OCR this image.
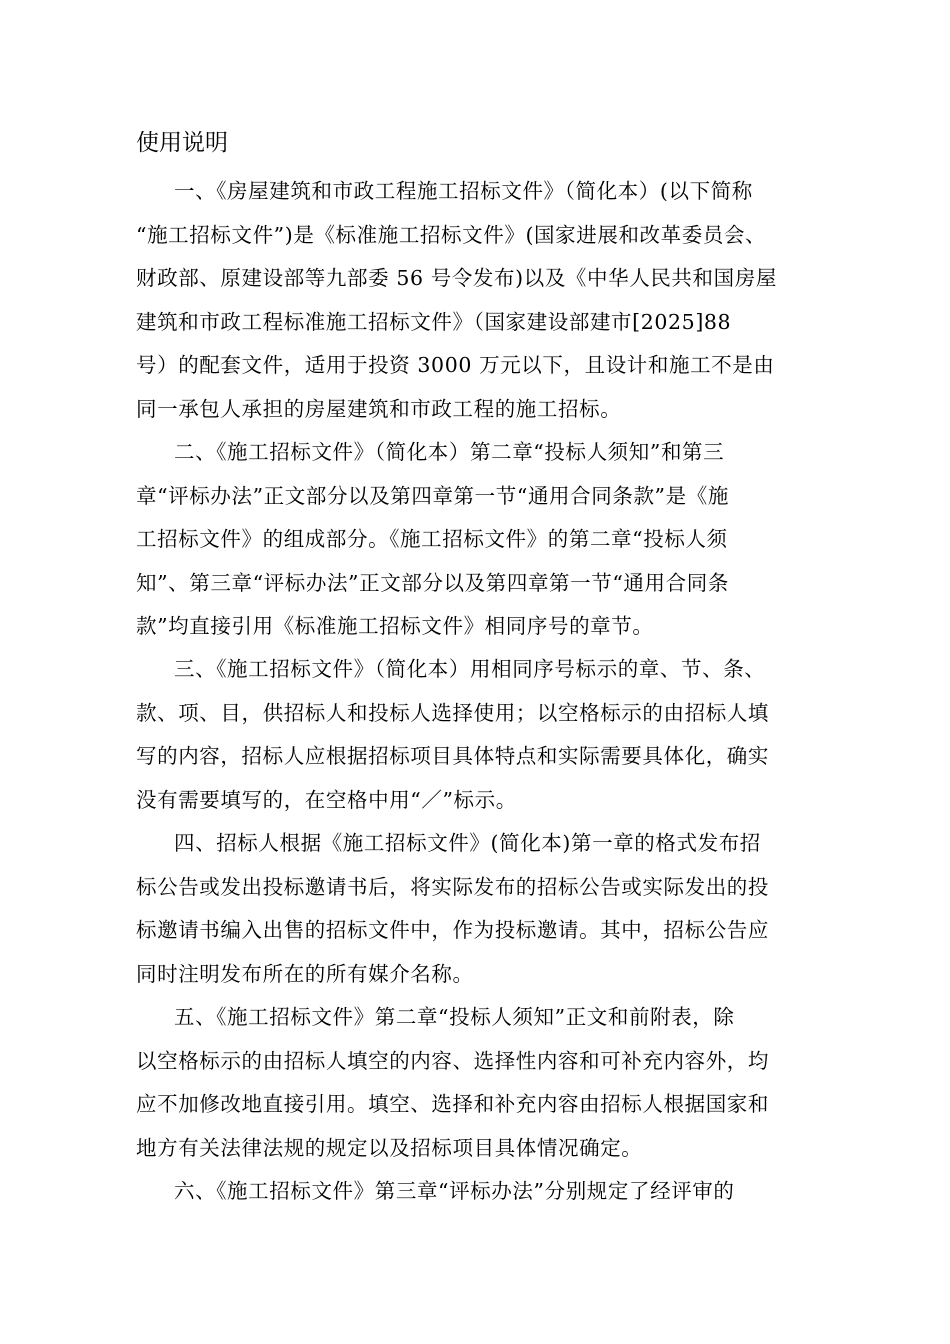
使用说明
一、《房屋建筑和市政工程施工招标文件》（简化本）(以下简称
“施工招标文件”)是《标准施工招标文件》(国家进展和改革委员会、
财政部、原建设部等九部委 56 号令发布)以及《中华人民共和国房屋
建筑和市政工程标准施工招标文件》（国家建设部建市[2025]88
号）的配套文件，适用于投资 3000 万元以下，且设计和施工不是由
同一承包人承担的房屋建筑和市政工程的施工招标。
二、《施工招标文件》（简化本）第二章“投标人须知”和第三
章“评标办法”正文部分以及第四章第一节“通用合同条款”是《施
工招标文件》的组成部分。《施工招标文件》的第二章“投标人须
知”、第三章“评标办法”正文部分以及第四章第一节“通用合同条
款”均直接引用《标准施工招标文件》相同序号的章节。
三、《施工招标文件》（简化本）用相同序号标示的章、节、条、
款、项、目，供招标人和投标人选择使用；以空格标示的由招标人填
写的内容，招标人应根据招标项目具体特点和实际需要具体化，确实
没有需要填写的，在空格中用“／”标示。
四、招标人根据《施工招标文件》(简化本)第一章的格式发布招
标公告或发出投标邀请书后，将实际发布的招标公告或实际发出的投
标邀请书编入出售的招标文件中，作为投标邀请。其中，招标公告应
同时注明发布所在的所有媒介名称。
五、《施工招标文件》第二章“投标人须知”正文和前附表，除
以空格标示的由招标人填空的内容、选择性内容和可补充内容外，均
应不加修改地直接引用。填空、选择和补充内容由招标人根据国家和
地方有关法律法规的规定以及招标项目具体情况确定。
六、《施工招标文件》第三章“评标办法”分别规定了经评审的
